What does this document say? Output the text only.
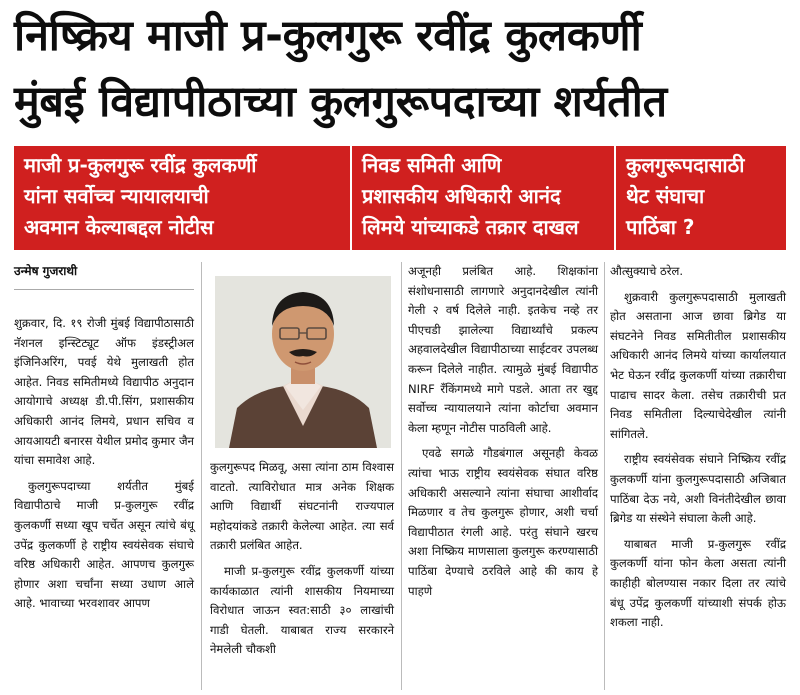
निष्क्रिय माजी प्र-कुलगुरू रवींद्र कुलकर्णी
मुंबई विद्यापीठाच्या कुलगुरूपदाच्या शर्यतीत
माजी प्र-कुलगुरू रवींद्र कुलकर्णी
यांना सर्वोच्च न्यायालयाची
अवमान केल्याबद्दल नोटीस
निवड समिती आणि
प्रशासकीय अधिकारी आनंद
लिमये यांच्याकडे तक्रार दाखल
कुलगुरूपदासाठी
थेट संघाचा
पाठिंबा ?
उन्मेष गुजराथी

शुक्रवार, दि. १९ रोजी मुंबई विद्यापीठासाठी नॅशनल इन्स्टिट्यूट ऑफ इंडस्ट्रीअल इंजिनिअरिंग, पवई येथे मुलाखती होत आहेत. निवड समितीमध्ये विद्यापीठ अनुदान आयोगाचे अध्यक्ष डी.पी.सिंग, प्रशासकीय अधिकारी आनंद लिमये, प्रधान सचिव व आयआयटी बनारस येथील प्रमोद कुमार जैन यांचा समावेश आहे.

कुलगुरूपदाच्या शर्यतीत मुंबई विद्यापीठाचे माजी प्र-कुलगुरू रवींद्र कुलकर्णी सध्या खूप चर्चेत असून त्यांचे बंधू उपेंद्र कुलकर्णी हे राष्ट्रीय स्वयंसेवक संघाचे वरिष्ठ अधिकारी आहेत. आपणच कुलगुरू होणार अशा चर्चांना सध्या उधाण आले आहे. भावाच्या भरवशावर आपण

कुलगुरूपद मिळवू, असा त्यांना ठाम विश्वास वाटतो. त्याविरोधात मात्र अनेक शिक्षक आणि विद्यार्थी संघटनांनी राज्यपाल महोदयांकडे तक्रारी केलेल्या आहेत. त्या सर्व तक्रारी प्रलंबित आहेत.

माजी प्र-कुलगुरू रवींद्र कुलकर्णी यांच्या कार्यकाळात त्यांनी शासकीय नियमाच्या विरोधात जाऊन स्वत:साठी ३० लाखांची गाडी घेतली. याबाबत राज्य सरकारने नेमलेली चौकशी

अजूनही प्रलंबित आहे. शिक्षकांना संशोधनासाठी लागणारे अनुदानदेखील त्यांनी गेली २ वर्ष दिलेले नाही. इतकेच नव्हे तर पीएचडी झालेल्या विद्यार्थ्यांचे प्रकल्प अहवालदेखील विद्यापीठाच्या साईटवर उपलब्ध करून दिलेले नाहीत. त्यामुळे मुंबई विद्यापीठ NIRF रँकिंगमध्ये मागे पडले. आता तर खुद्द सर्वोच्च न्यायालयाने त्यांना कोर्टाचा अवमान केला म्हणून नोटीस पाठविली आहे.

एवढे सगळे गौडबंगाल असूनही केवळ त्यांचा भाऊ राष्ट्रीय स्वयंसेवक संघात वरिष्ठ अधिकारी असल्याने त्यांना संघाचा आशीर्वाद मिळणार व तेच कुलगुरू होणार, अशी चर्चा विद्यापीठात रंगली आहे. परंतु संघाने खरच अशा निष्क्रिय माणसाला कुलगुरू करण्यासाठी पाठिंबा देण्याचे ठरविले आहे की काय हे पाहणे

औत्सुक्याचे ठरेल.

शुक्रवारी कुलगुरूपदासाठी मुलाखती होत असताना आज छावा ब्रिगेड या संघटनेने निवड समितीतील प्रशासकीय अधिकारी आनंद लिमये यांच्या कार्यालयात भेट घेऊन रवींद्र कुलकर्णी यांच्या तक्रारीचा पाढाच सादर केला. तसेच तक्रारीची प्रत निवड समितीला दिल्याचेदेखील त्यांनी सांगितले.

राष्ट्रीय स्वयंसेवक संघाने निष्क्रिय रवींद्र कुलकर्णी यांना कुलगुरूपदासाठी अजिबात पाठिंबा देऊ नये, अशी विनंतीदेखील छावा ब्रिगेड या संस्थेने संघाला केली आहे.

याबाबत माजी प्र-कुलगुरू रवींद्र कुलकर्णी यांना फोन केला असता त्यांनी काहीही बोलण्यास नकार दिला तर त्यांचे बंधू उपेंद्र कुलकर्णी यांच्याशी संपर्क होऊ शकला नाही.
